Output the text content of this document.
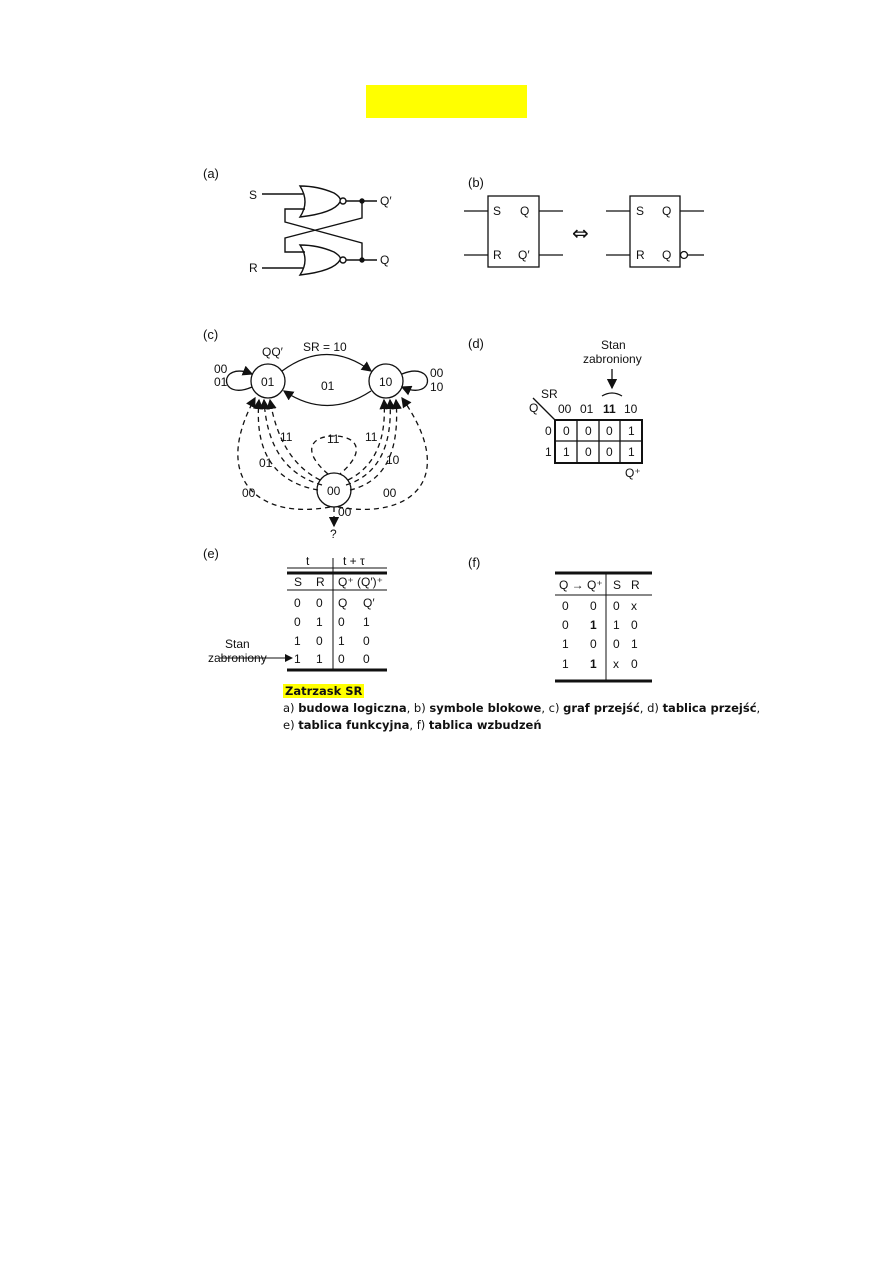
(a)
(b)
(c)
(d)
(e)
(f)
S
R
Q′
Q
S Q
R Q′
S Q
R Q
⇔
01	10
00
QQ′ SR = 10
01
00
01
00
10
11
01
00
11 11
10
00
00
?
Stan
zabroniony
SR
Q 00 01 11 10
0
1
0 0 0 1
1 0 0 1
Q⁺
t	t + τ
S R Q⁺ (Q′)⁺
0 0 Q Q′
0 1 0 1
1 0 1 0
1 1 0 0
Stan
zabroniony
Q → Q⁺ S R
0 0 0 x
0 1 1 0
1 0 0 1
1 1 x 0
Zatrzask SR
a) budowa logiczna, b) symbole blokowe, c) graf przejść, d) tablica przejść,
e) tablica funkcyjna, f) tablica wzbudzeń
